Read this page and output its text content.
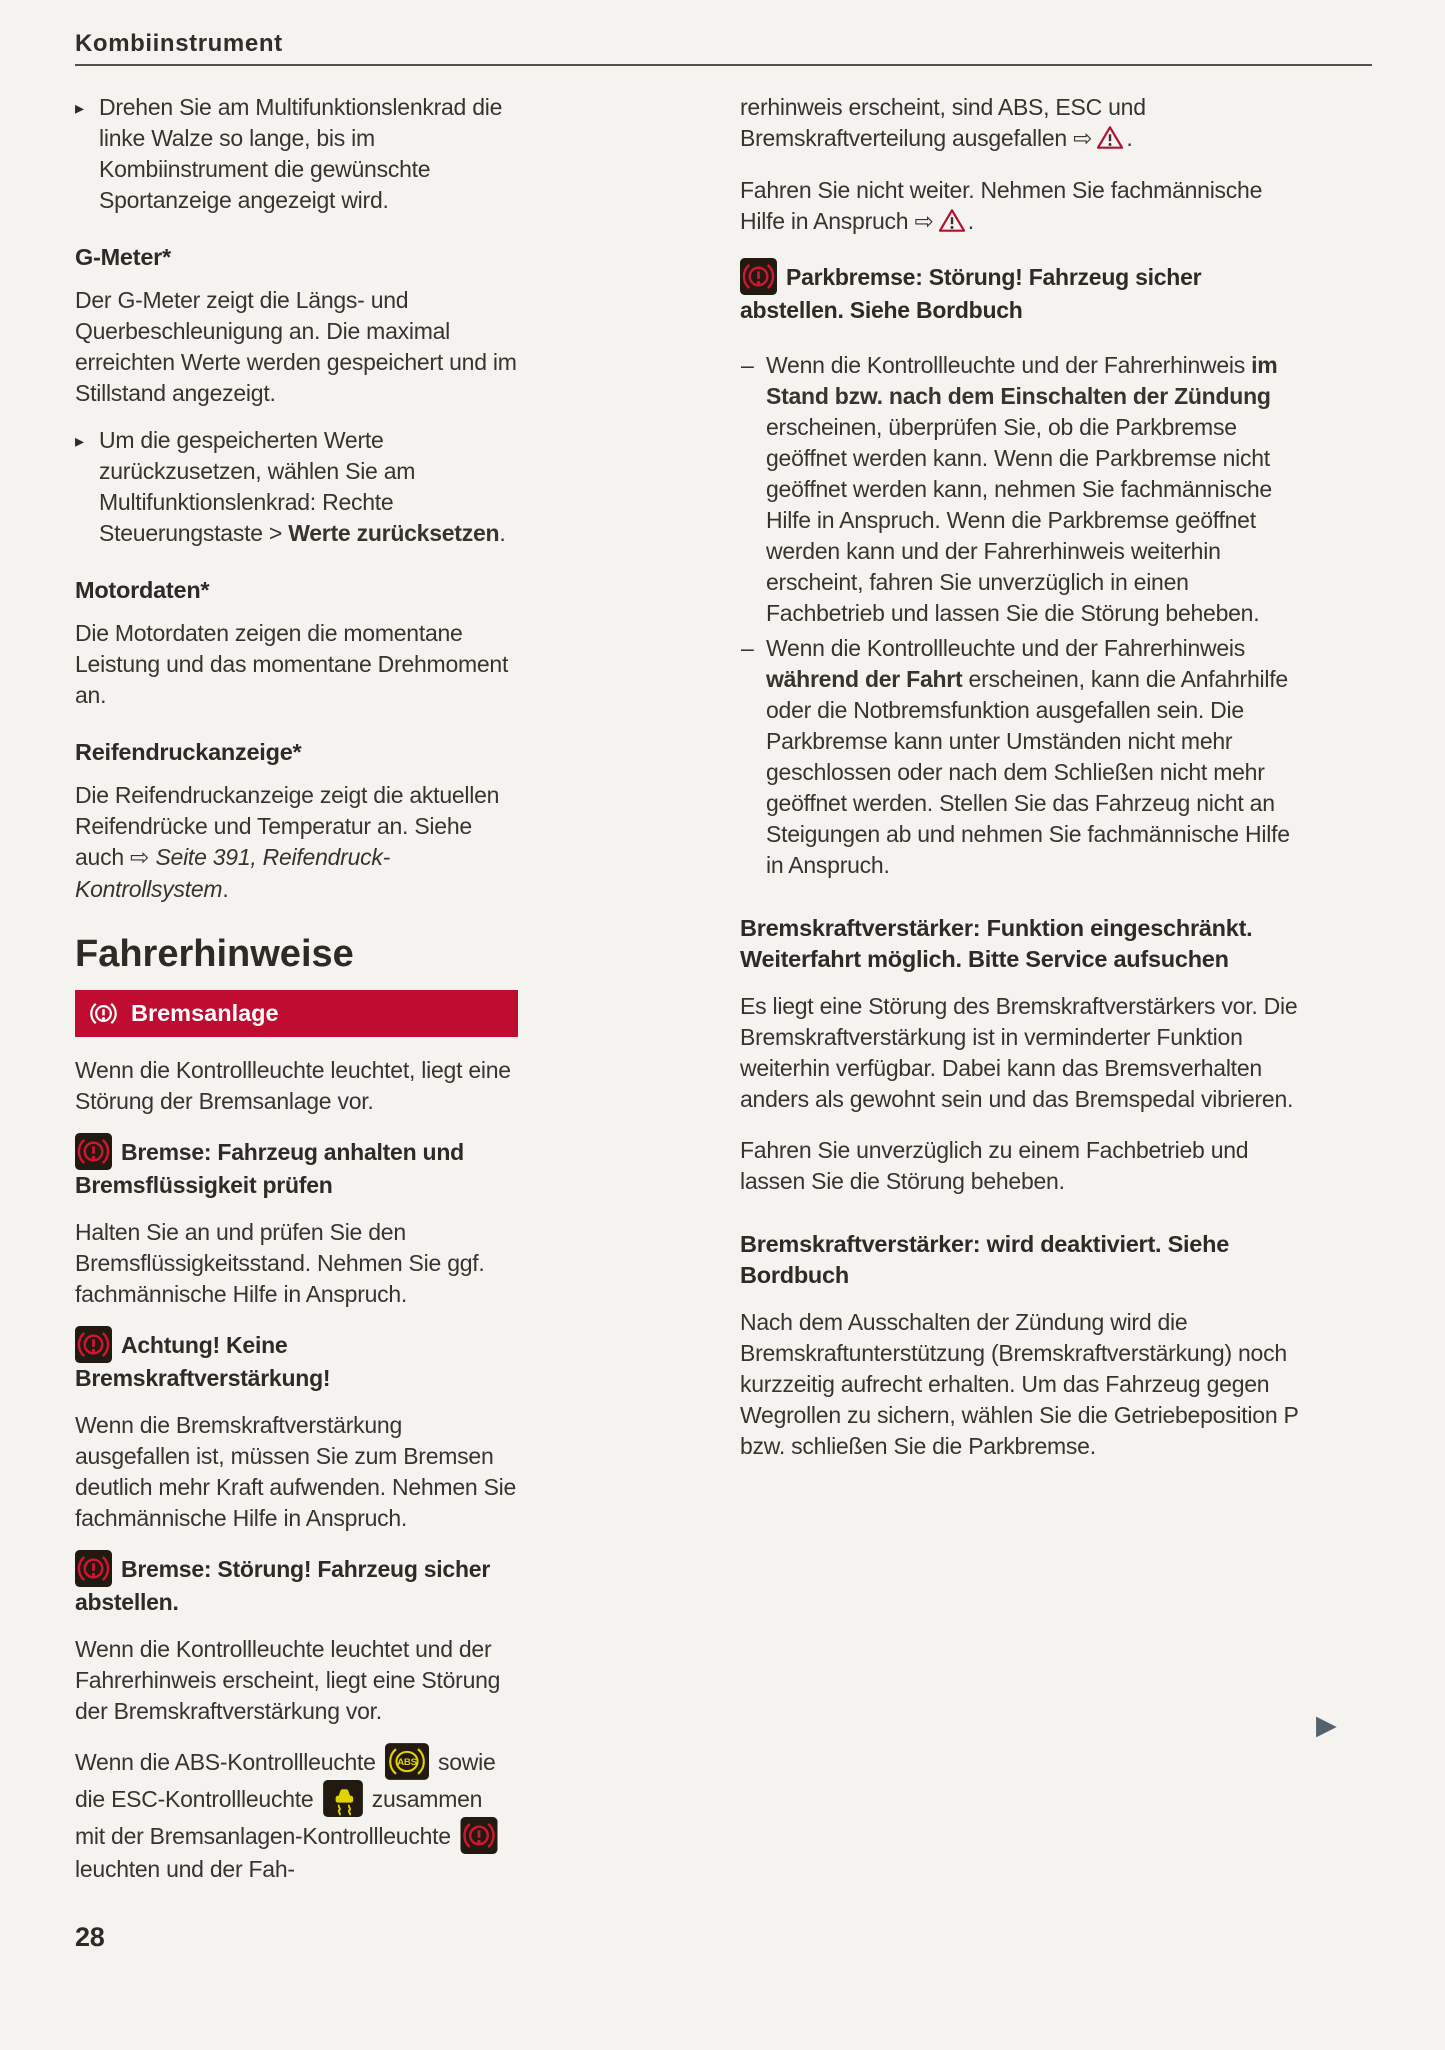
Kombiinstrument
▸ Drehen Sie am Multifunktionslenkrad die linke Walze so lange, bis im Kombiinstrument die gewünschte Sportanzeige angezeigt wird.
G-Meter*

Der G-Meter zeigt die Längs- und Querbeschleunigung an. Die maximal erreichten Werte werden gespeichert und im Stillstand angezeigt.

▸ Um die gespeicherten Werte zurückzusetzen, wählen Sie am Multifunktionslenkrad: Rechte Steuerungstaste > Werte zurücksetzen.
Motordaten*

Die Motordaten zeigen die momentane Leistung und das momentane Drehmoment an.

Reifendruckanzeige*

Die Reifendruckanzeige zeigt die aktuellen Reifendrücke und Temperatur an. Siehe auch ⇨ Seite 391, Reifendruck-Kontrollsystem.

Fahrerhinweise
Bremsanlage

Wenn die Kontrollleuchte leuchtet, liegt eine Störung der Bremsanlage vor.

Bremse: Fahrzeug anhalten und Bremsflüssigkeit prüfen

Halten Sie an und prüfen Sie den Bremsflüssigkeitsstand. Nehmen Sie ggf. fachmännische Hilfe in Anspruch.

Achtung! Keine Bremskraftverstärkung!

Wenn die Bremskraftverstärkung ausgefallen ist, müssen Sie zum Bremsen deutlich mehr Kraft aufwenden. Nehmen Sie fachmännische Hilfe in Anspruch.

Bremse: Störung! Fahrzeug sicher abstellen.

Wenn die Kontrollleuchte leuchtet und der Fahrerhinweis erscheint, liegt eine Störung der Bremskraftverstärkung vor.

Wenn die ABS-Kontrollleuchte ABS sowie die ESC-Kontrollleuchte  zusammen mit der Bremsanlagen-Kontrollleuchte  leuchten und der Fah-

rerhinweis erscheint, sind ABS, ESC und Bremskraftverteilung ausgefallen ⇨ .

Fahren Sie nicht weiter. Nehmen Sie fachmännische Hilfe in Anspruch ⇨ .

Parkbremse: Störung! Fahrzeug sicher abstellen. Siehe Bordbuch

– Wenn die Kontrollleuchte und der Fahrerhinweis im Stand bzw. nach dem Einschalten der Zündung erscheinen, überprüfen Sie, ob die Parkbremse geöffnet werden kann. Wenn die Parkbremse nicht geöffnet werden kann, nehmen Sie fachmännische Hilfe in Anspruch. Wenn die Parkbremse geöffnet werden kann und der Fahrerhinweis weiterhin erscheint, fahren Sie unverzüglich in einen Fachbetrieb und lassen Sie die Störung beheben.
– Wenn die Kontrollleuchte und der Fahrerhinweis während der Fahrt erscheinen, kann die Anfahrhilfe oder die Notbremsfunktion ausgefallen sein. Die Parkbremse kann unter Umständen nicht mehr geschlossen oder nach dem Schließen nicht mehr geöffnet werden. Stellen Sie das Fahrzeug nicht an Steigungen ab und nehmen Sie fachmännische Hilfe in Anspruch.
Bremskraftverstärker: Funktion eingeschränkt. Weiterfahrt möglich. Bitte Service aufsuchen

Es liegt eine Störung des Bremskraftverstärkers vor. Die Bremskraftverstärkung ist in verminderter Funktion weiterhin verfügbar. Dabei kann das Bremsverhalten anders als gewohnt sein und das Bremspedal vibrieren.

Fahren Sie unverzüglich zu einem Fachbetrieb und lassen Sie die Störung beheben.

Bremskraftverstärker: wird deaktiviert. Siehe Bordbuch

Nach dem Ausschalten der Zündung wird die Bremskraftunterstützung (Bremskraftverstärkung) noch kurzzeitig aufrecht erhalten. Um das Fahrzeug gegen Wegrollen zu sichern, wählen Sie die Getriebeposition P bzw. schließen Sie die Parkbremse.

28
▶
